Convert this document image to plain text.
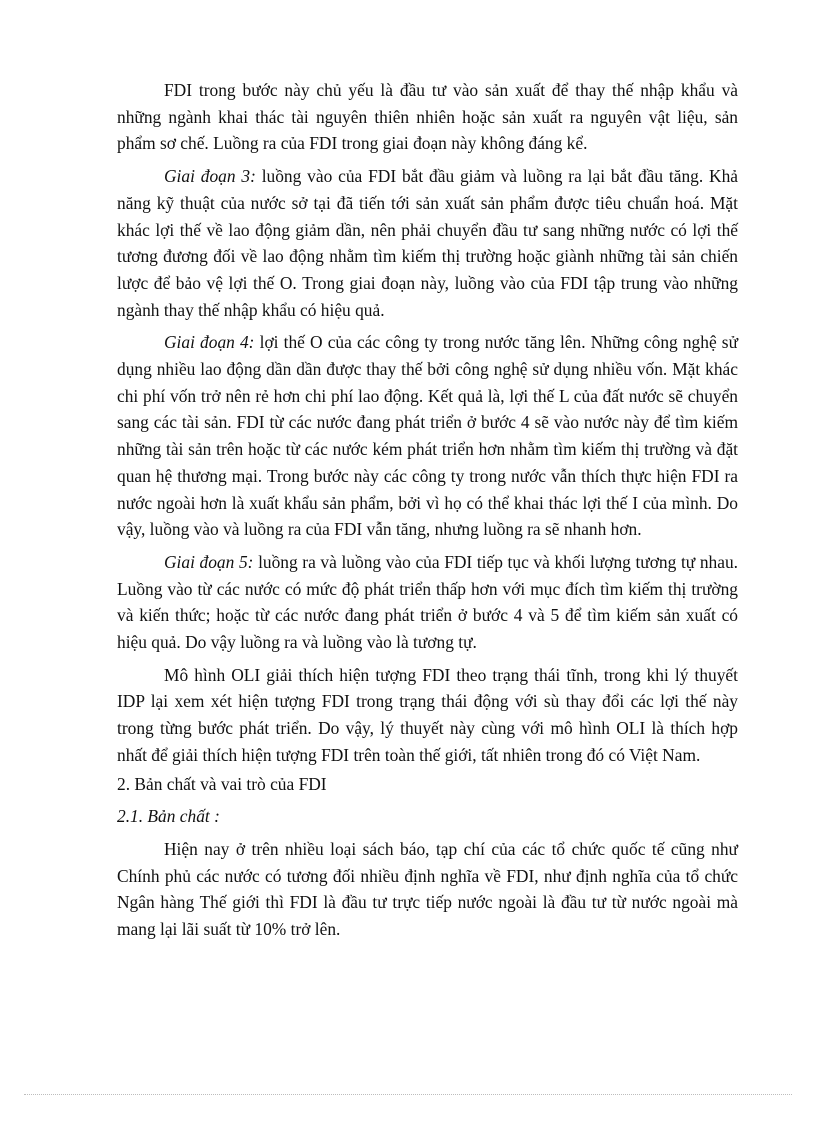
FDI trong bước này chủ yếu là đầu tư vào sản xuất để thay thế nhập khẩu và những ngành khai thác tài nguyên thiên nhiên hoặc sản xuất ra nguyên vật liệu, sản phẩm sơ chế. Luồng ra của FDI trong giai đoạn này không đáng kể.

Giai đoạn 3: luồng vào của FDI bắt đầu giảm và luồng ra lại bắt đầu tăng. Khả năng kỹ thuật của nước sở tại đã tiến tới sản xuất sản phẩm được tiêu chuẩn hoá. Mặt khác lợi thế về lao động giảm dần, nên phải chuyển đầu tư sang những nước có lợi thế tương đương đối về lao động nhằm tìm kiếm thị trường hoặc giành những tài sản chiến lược để bảo vệ lợi thế O. Trong giai đoạn này, luồng vào của FDI tập trung vào những ngành thay thế nhập khẩu có hiệu quả.

Giai đoạn 4: lợi thế O của các công ty trong nước tăng lên. Những công nghệ sử dụng nhiều lao động dần dần được thay thế bởi công nghệ sử dụng nhiều vốn. Mặt khác chi phí vốn trở nên rẻ hơn chi phí lao động. Kết quả là, lợi thế L của đất nước sẽ chuyển sang các tài sản. FDI từ các nước đang phát triển ở bước 4 sẽ vào nước này để tìm kiếm những tài sản trên hoặc từ các nước kém phát triển hơn nhằm tìm kiếm thị trường và đặt quan hệ thương mại. Trong bước này các công ty trong nước vẫn thích thực hiện FDI ra nước ngoài hơn là xuất khẩu sản phẩm, bởi vì họ có thể khai thác lợi thế I của mình. Do vậy, luồng vào và luồng ra của FDI vẫn tăng, nhưng luồng ra sẽ nhanh hơn.

Giai đoạn 5: luồng ra và luồng vào của FDI tiếp tục và khối lượng tương tự nhau. Luồng vào từ các nước có mức độ phát triển thấp hơn với mục đích tìm kiếm thị trường và kiến thức; hoặc từ các nước đang phát triển ở bước 4 và 5 để tìm kiếm sản xuất có hiệu quả. Do vậy luồng ra và luồng vào là tương tự.

Mô hình OLI giải thích hiện tượng FDI theo trạng thái tĩnh, trong khi lý thuyết IDP lại xem xét hiện tượng FDI trong trạng thái động với sù thay đổi các lợi thế này trong từng bước phát triển. Do vậy, lý thuyết này cùng với mô hình OLI là thích hợp nhất để giải thích hiện tượng FDI trên toàn thế giới, tất nhiên trong đó có Việt Nam.

2. Bản chất và vai trò của FDI

2.1. Bản chất :

Hiện nay ở trên nhiều loại sách báo, tạp chí của các tổ chức quốc tế cũng như Chính phủ các nước có tương đối nhiều định nghĩa về FDI, như định nghĩa của tổ chức Ngân hàng Thế giới thì FDI là đầu tư trực tiếp nước ngoài là đầu tư từ nước ngoài mà mang lại lãi suất từ 10% trở lên.
